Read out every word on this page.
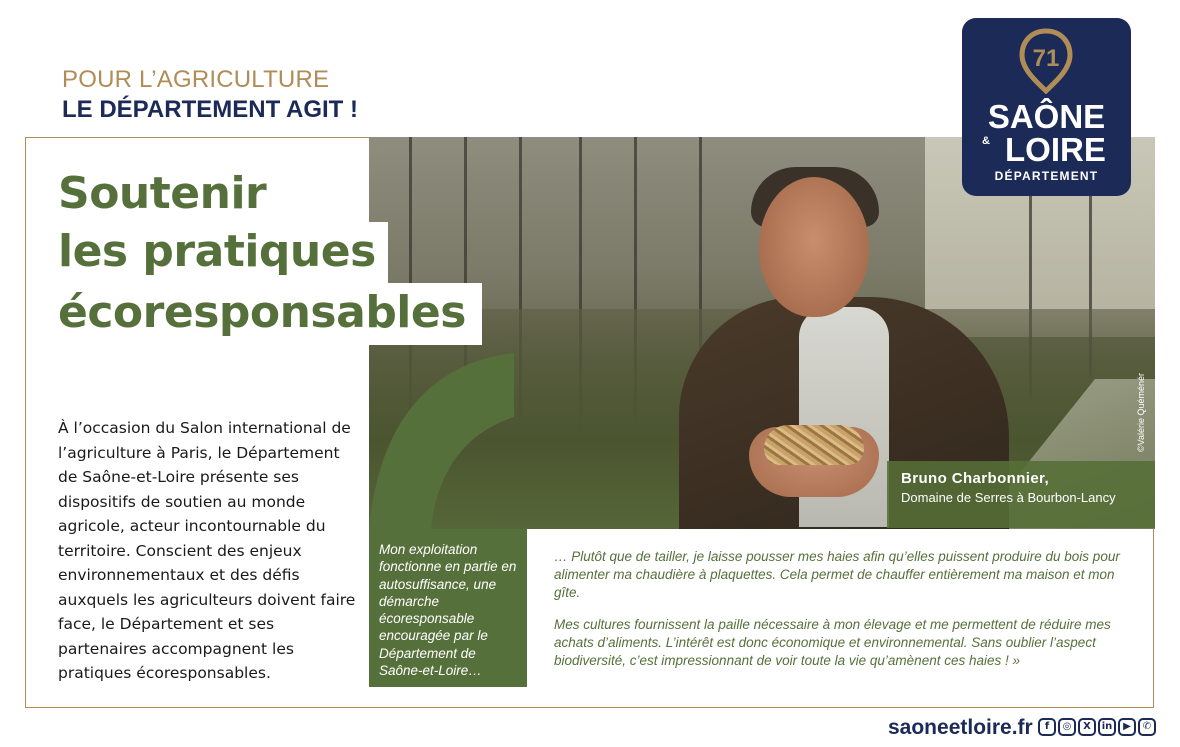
POUR L’AGRICULTURE
LE DÉPARTEMENT AGIT !
©Valérie Quéménér
Bruno Charbonnier,
Domaine de Serres à Bourbon-Lancy
Soutenir
les pratiques
écoresponsables
À l’occasion du Salon international de l’agriculture à Paris, le Département de Saône-et-Loire présente ses dispositifs de soutien au monde agricole, acteur incontournable du territoire. Conscient des enjeux environnementaux et des défis auxquels les agriculteurs doivent faire face, le Département et ses partenaires accompagnent les pratiques écoresponsables.
Mon exploitation fonctionne en partie en autosuffisance, une démarche écoresponsable encouragée par le Département de Saône-et-Loire…

… Plutôt que de tailler, je laisse pousser mes haies afin qu’elles puissent produire du bois pour alimenter ma chaudière à plaquettes. Cela permet de chauffer entièrement ma maison et mon gîte.

Mes cultures fournissent la paille nécessaire à mon élevage et me permettent de réduire mes achats d’aliments. L’intérêt est donc économique et environnemental. Sans oublier l’aspect biodiversité, c’est impressionnant de voir toute la vie qu’amènent ces haies ! »

71
SAÔNE
& LOIRE
DÉPARTEMENT
saoneetloire.fr	f	◎	X	in	▶	✆
